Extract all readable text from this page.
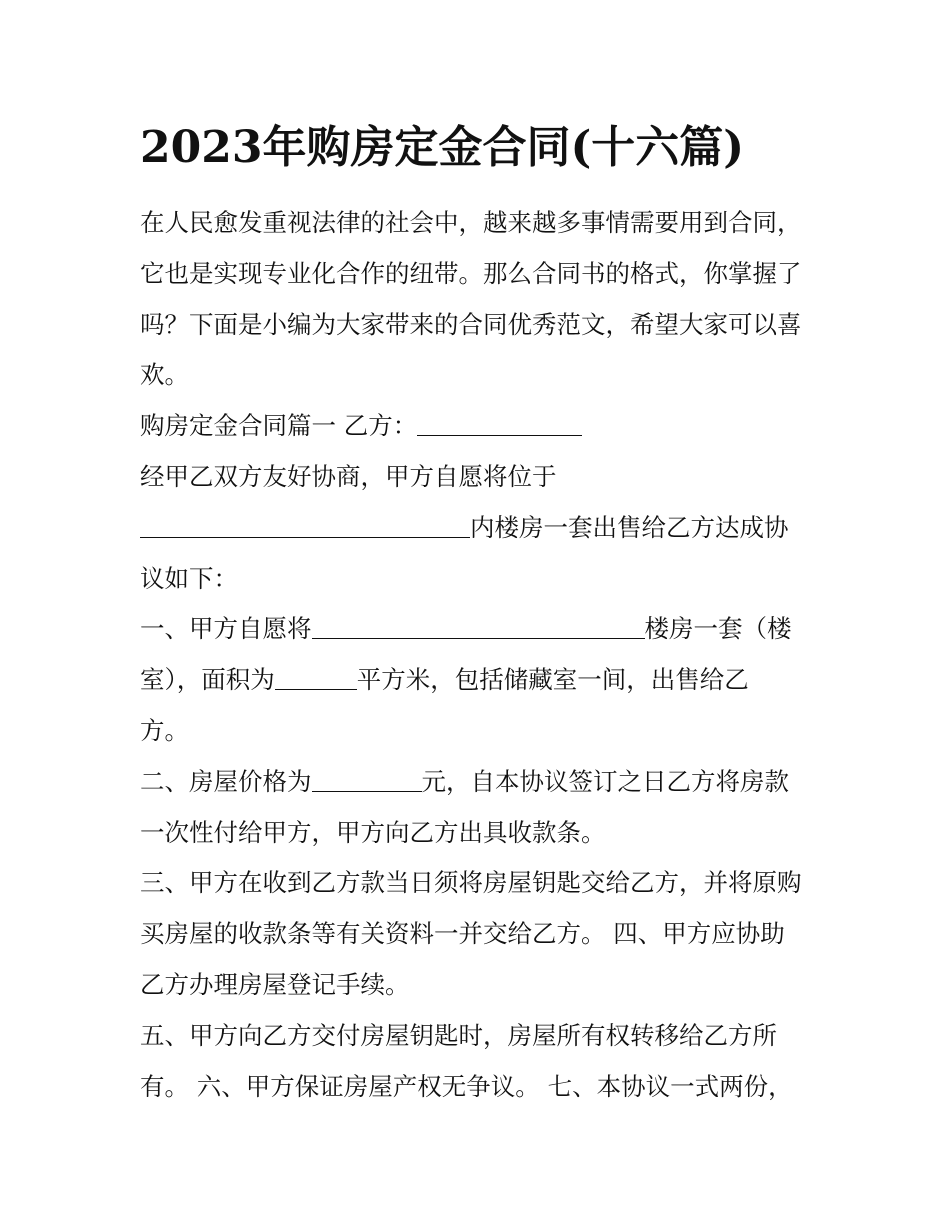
2023年购房定金合同(十六篇)
在人民愈发重视法律的社会中，越来越多事情需要用到合同，
它也是实现专业化合作的纽带。那么合同书的格式，你掌握了
吗？下面是小编为大家带来的合同优秀范文，希望大家可以喜
欢。
购房定金合同篇一 乙方：
经甲乙双方友好协商，甲方自愿将位于
内楼房一套出售给乙方达成协
议如下：
一、甲方自愿将	楼房一套（楼
室），面积为	平方米，包括储藏室一间，出售给乙
方。
二、房屋价格为	元，自本协议签订之日乙方将房款
一次性付给甲方，甲方向乙方出具收款条。
三、甲方在收到乙方款当日须将房屋钥匙交给乙方，并将原购
买房屋的收款条等有关资料一并交给乙方。 四、甲方应协助
乙方办理房屋登记手续。
五、甲方向乙方交付房屋钥匙时，房屋所有权转移给乙方所
有。 六、甲方保证房屋产权无争议。 七、本协议一式两份，
